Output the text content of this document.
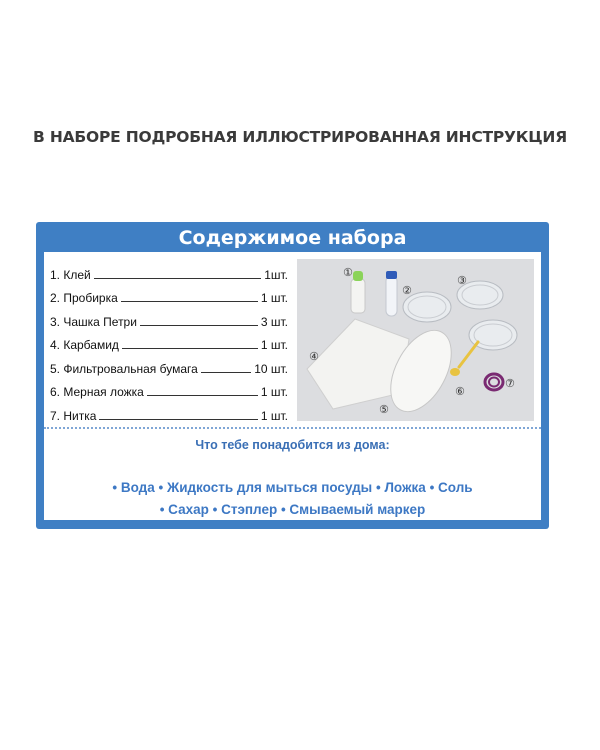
В НАБОРЕ ПОДРОБНАЯ ИЛЛЮСТРИРОВАННАЯ ИНСТРУКЦИЯ
Содержимое набора
1. Клей	1шт.
2. Пробирка	1 шт.
3. Чашка Петри	3 шт.
4. Карбамид	1 шт.
5. Фильтровальная бумага	10 шт.
6. Мерная ложка	1 шт.
7. Нитка	1 шт.
①
②
③
④
⑤
⑥
⑦
Что тебе понадобится из дома:
• Вода • Жидкость для мыться посуды • Ложка • Соль
• Сахар • Стэплер • Смываемый маркер
